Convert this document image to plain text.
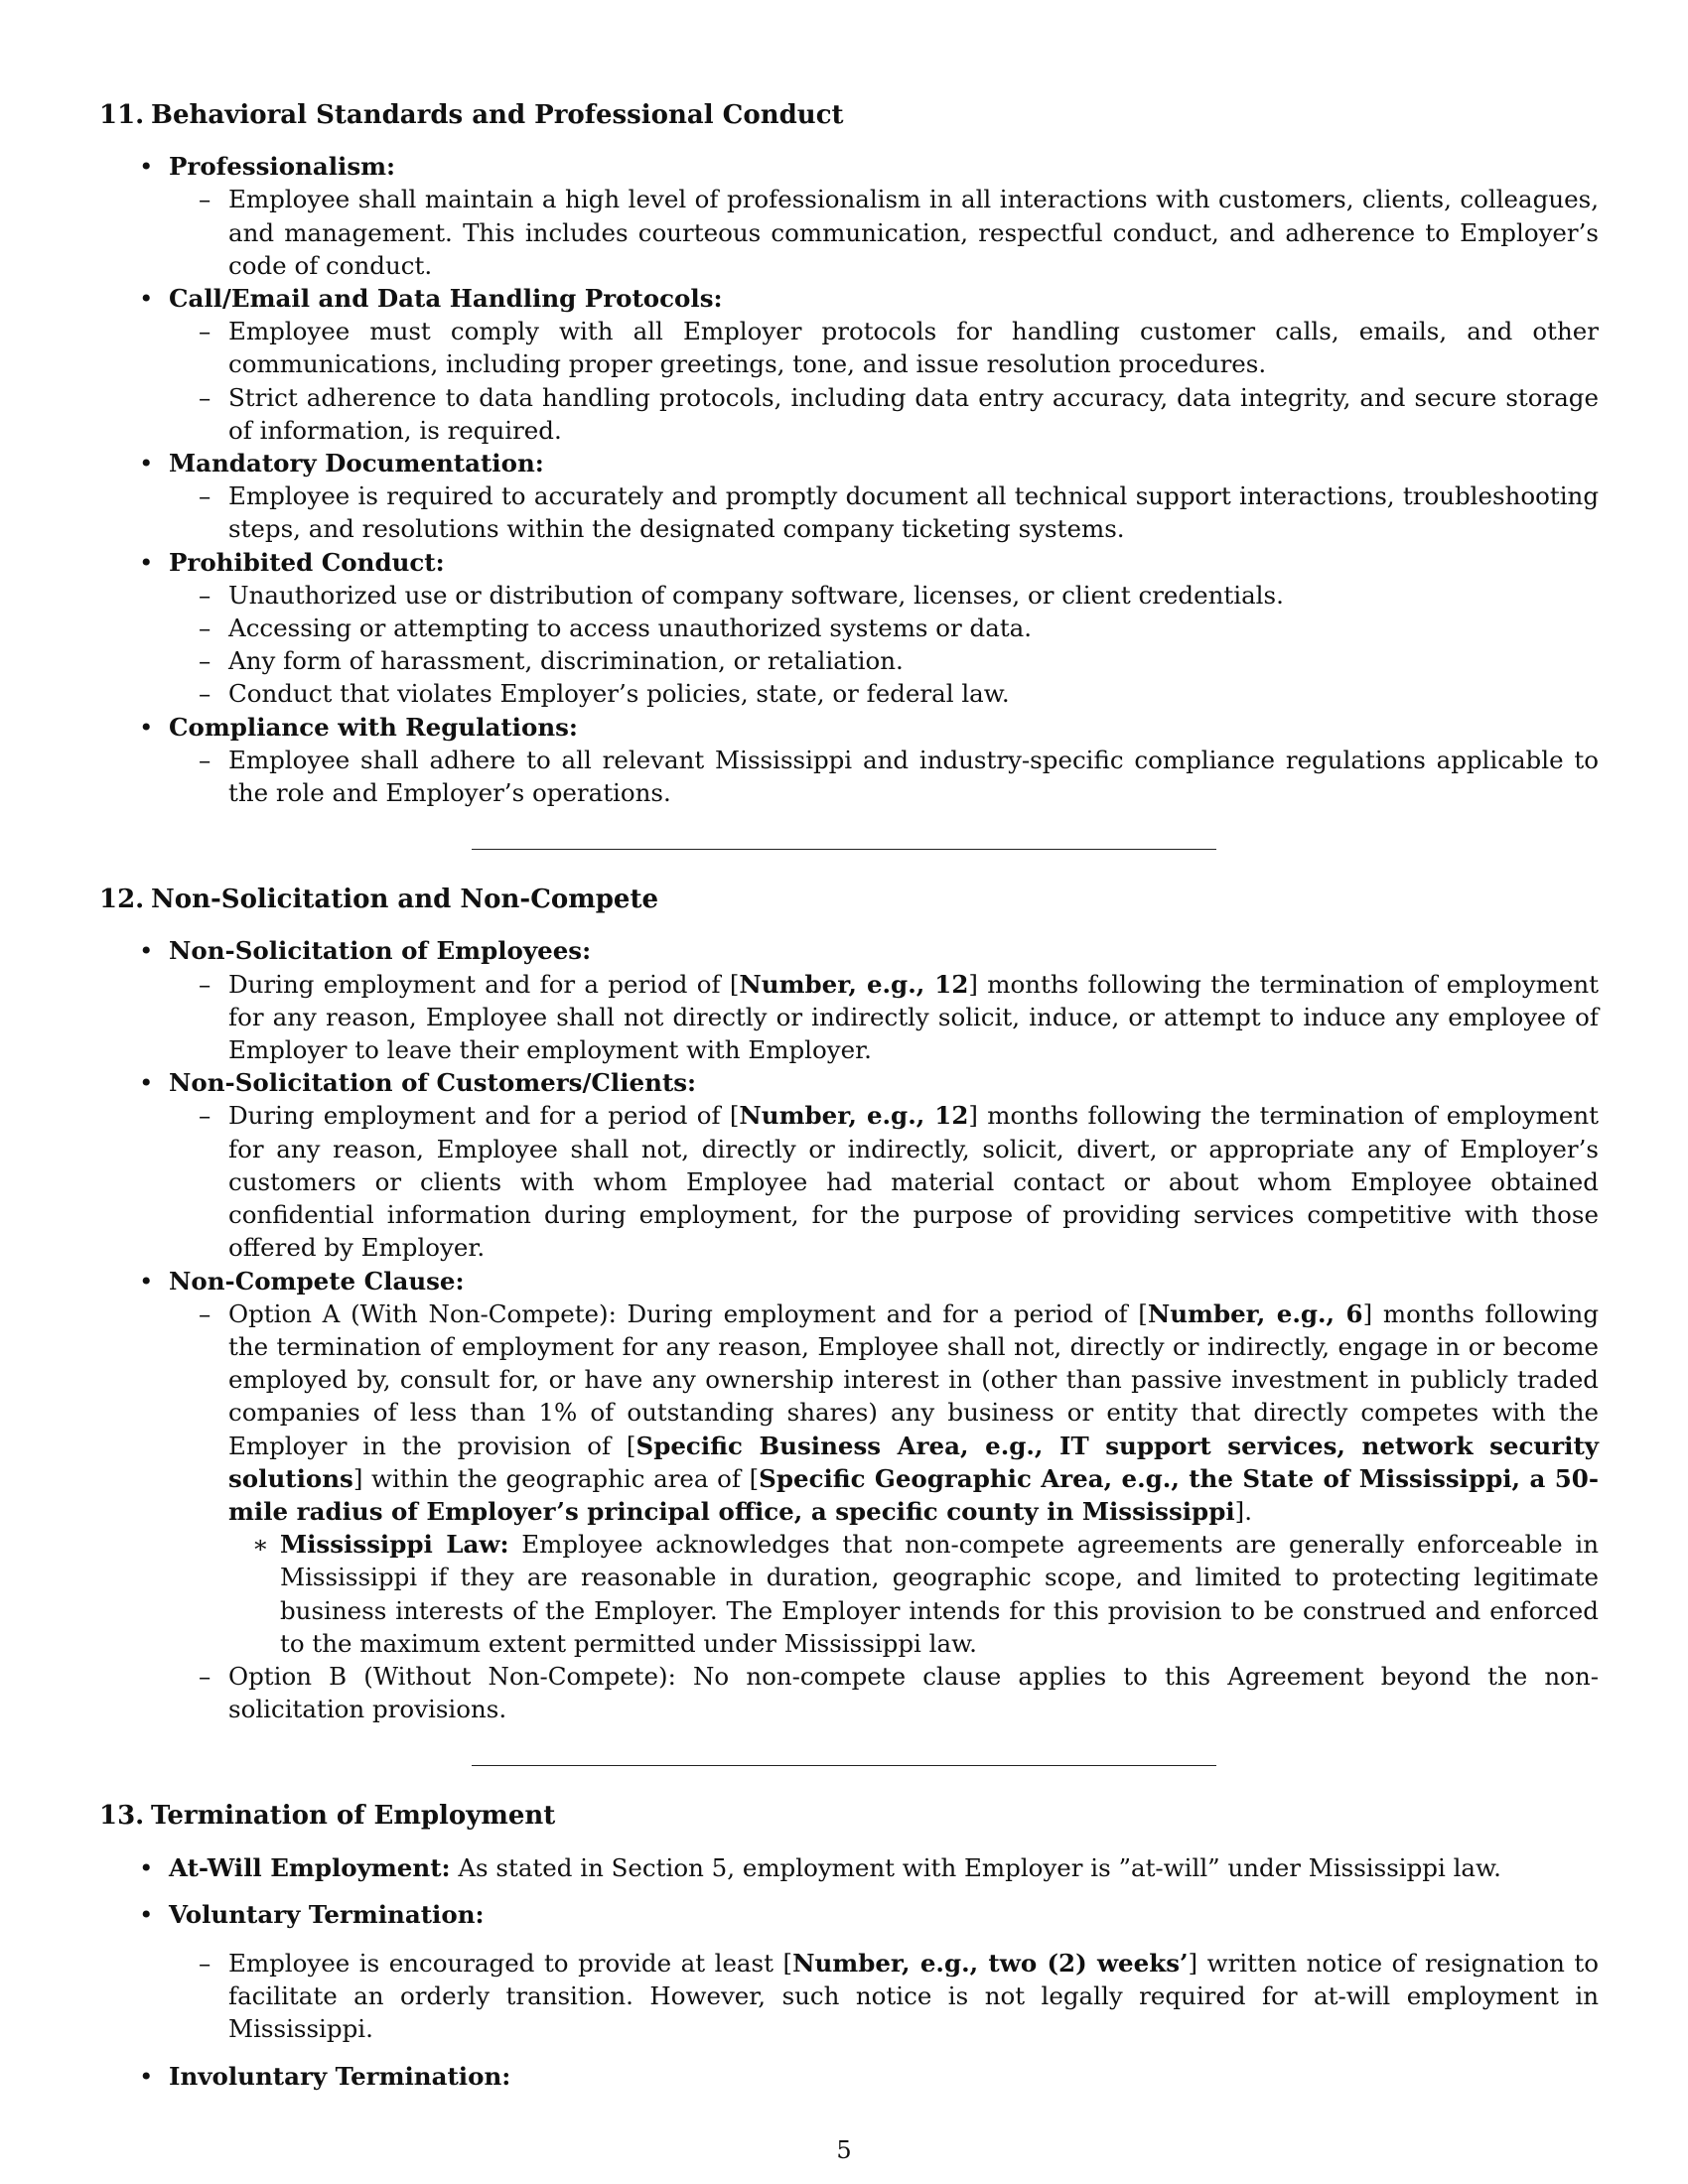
11. Behavioral Standards and Professional Conduct
• Professionalism:
– Employee shall maintain a high level of professionalism in all interactions with customers, clients, colleagues, and management. This includes courteous communication, respectful conduct, and adherence to Employer’s code of conduct.
• Call/Email and Data Handling Protocols:
– Employee must comply with all Employer protocols for handling customer calls, emails, and other communications, including proper greetings, tone, and issue resolution procedures.
– Strict adherence to data handling protocols, including data entry accuracy, data integrity, and secure storage of information, is required.
• Mandatory Documentation:
– Employee is required to accurately and promptly document all technical support interactions, troubleshooting steps, and resolutions within the designated company ticketing systems.
• Prohibited Conduct:
– Unauthorized use or distribution of company software, licenses, or client credentials.
– Accessing or attempting to access unauthorized systems or data.
– Any form of harassment, discrimination, or retaliation.
– Conduct that violates Employer’s policies, state, or federal law.
• Compliance with Regulations:
– Employee shall adhere to all relevant Mississippi and industry-specific compliance regulations applicable to the role and Employer’s operations.
12. Non-Solicitation and Non-Compete
• Non-Solicitation of Employees:
– During employment and for a period of [Number, e.g., 12] months following the termination of employment for any reason, Employee shall not directly or indirectly solicit, induce, or attempt to induce any employee of Employer to leave their employment with Employer.
• Non-Solicitation of Customers/Clients:
– During employment and for a period of [Number, e.g., 12] months following the termination of employment for any reason, Employee shall not, directly or indirectly, solicit, divert, or appropriate any of Employer’s customers or clients with whom Employee had material contact or about whom Employee obtained confidential information during employment, for the purpose of providing services competitive with those offered by Employer.
• Non-Compete Clause:
– Option A (With Non-Compete): During employment and for a period of [Number, e.g., 6] months following the termination of employment for any reason, Employee shall not, directly or indirectly, engage in or become employed by, consult for, or have any ownership interest in (other than passive investment in publicly traded companies of less than 1% of outstanding shares) any business or entity that directly competes with the Employer in the provision of [Specific Business Area, e.g., IT support services, network security solutions] within the geographic area of [Specific Geographic Area, e.g., the State of Mississippi, a 50-mile radius of Employer’s principal office, a specific county in Mississippi].
∗ Mississippi Law: Employee acknowledges that non-compete agreements are generally enforceable in Mississippi if they are reasonable in duration, geographic scope, and limited to protecting legitimate business interests of the Employer. The Employer intends for this provision to be construed and enforced to the maximum extent permitted under Mississippi law.
– Option B (Without Non-Compete): No non-compete clause applies to this Agreement beyond the non-solicitation provisions.
13. Termination of Employment
• At-Will Employment: As stated in Section 5, employment with Employer is ”at-will” under Mississippi law.
• Voluntary Termination:
– Employee is encouraged to provide at least [Number, e.g., two (2) weeks’] written notice of resignation to facilitate an orderly transition. However, such notice is not legally required for at-will employment in Mississippi.
• Involuntary Termination:
5
